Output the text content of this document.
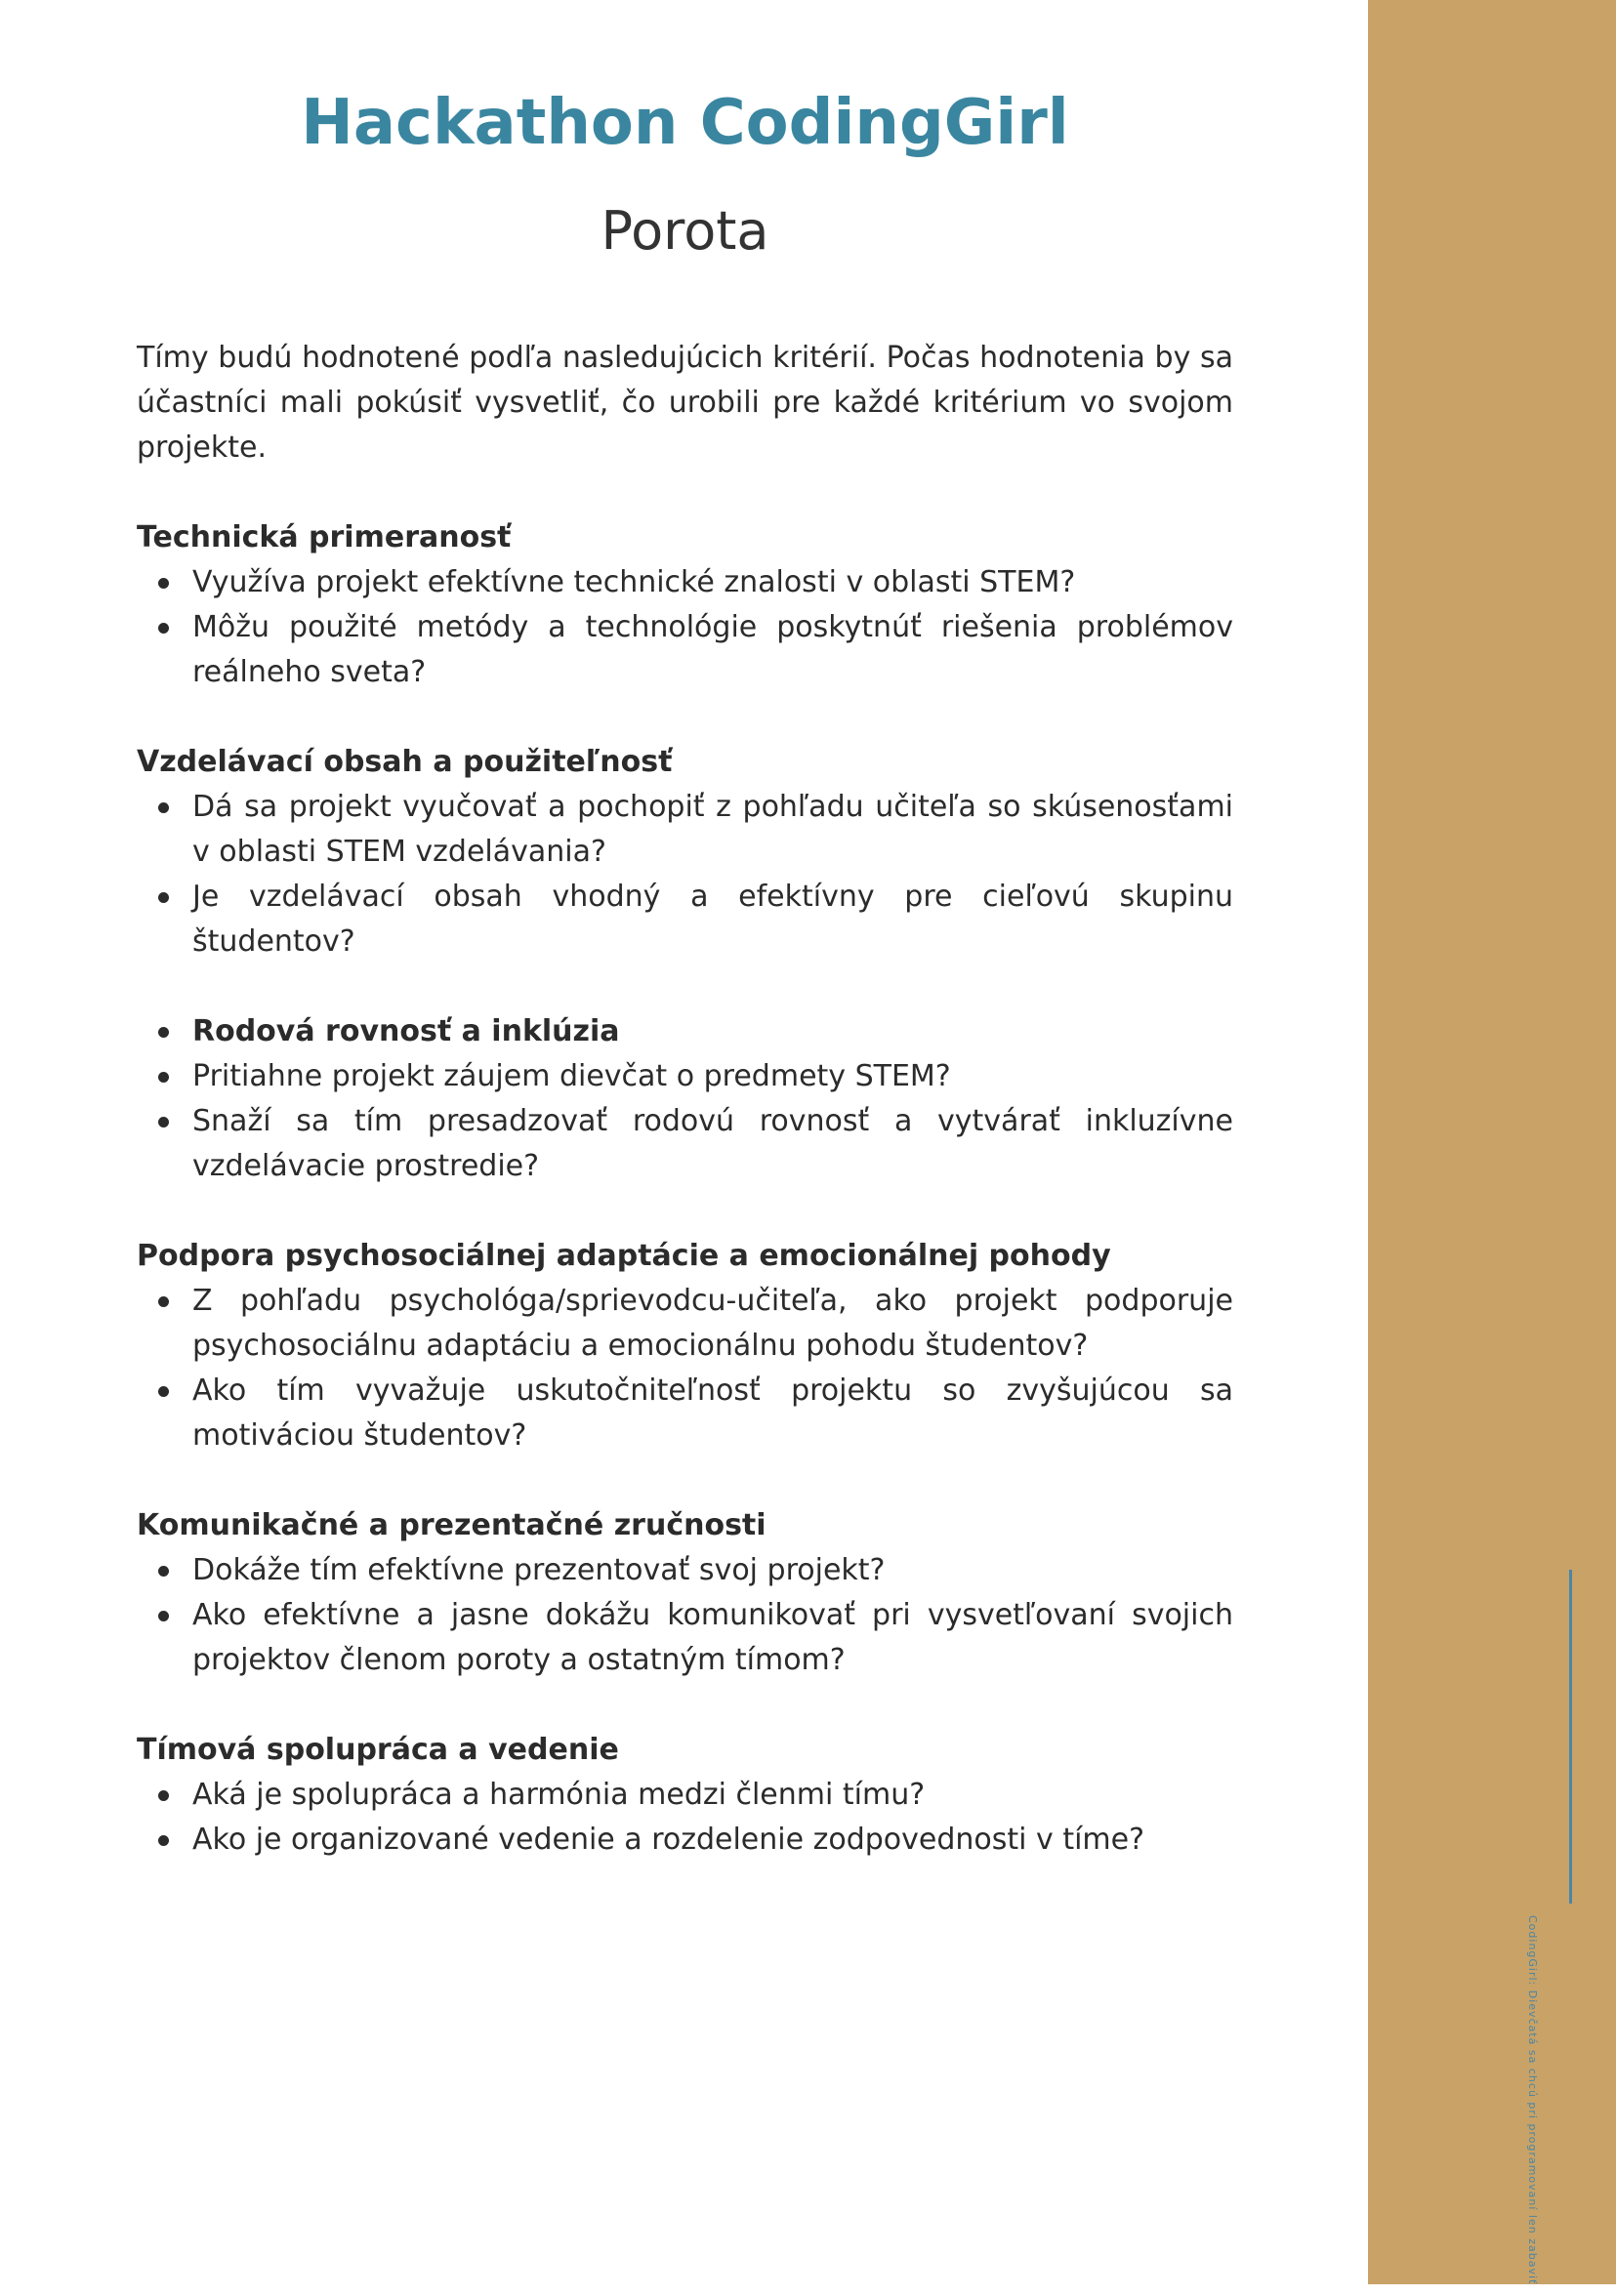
CodingGirl: Dievčatá sa chcú pri programovaní len zabaviť
Hackathon CodingGirl
Porota

Tímy budú hodnotené podľa nasledujúcich kritérií. Počas hodnotenia by sa účastníci mali pokúsiť vysvetliť, čo urobili pre každé kritérium vo svojom projekte.

Technická primeranosť

Využíva projekt efektívne technické znalosti v oblasti STEM?
Môžu použité metódy a technológie poskytnúť riešenia problémov reálneho sveta?

Vzdelávací obsah a použiteľnosť

Dá sa projekt vyučovať a pochopiť z pohľadu učiteľa so skúsenosťami v oblasti STEM vzdelávania?
Je vzdelávací obsah vhodný a efektívny pre cieľovú skupinu študentov?
Rodová rovnosť a inklúzia
Pritiahne projekt záujem dievčat o predmety STEM?
Snaží sa tím presadzovať rodovú rovnosť a vytvárať inkluzívne vzdelávacie prostredie?

Podpora psychosociálnej adaptácie a emocionálnej pohody

Z pohľadu psychológa/sprievodcu-učiteľa, ako projekt podporuje psychosociálnu adaptáciu a emocionálnu pohodu študentov?
Ako tím vyvažuje uskutočniteľnosť projektu so zvyšujúcou sa motiváciou študentov?

Komunikačné a prezentačné zručnosti

Dokáže tím efektívne prezentovať svoj projekt?
Ako efektívne a jasne dokážu komunikovať pri vysvetľovaní svojich projektov členom poroty a ostatným tímom?

Tímová spolupráca a vedenie

Aká je spolupráca a harmónia medzi členmi tímu?
Ako je organizované vedenie a rozdelenie zodpovednosti v tíme?
